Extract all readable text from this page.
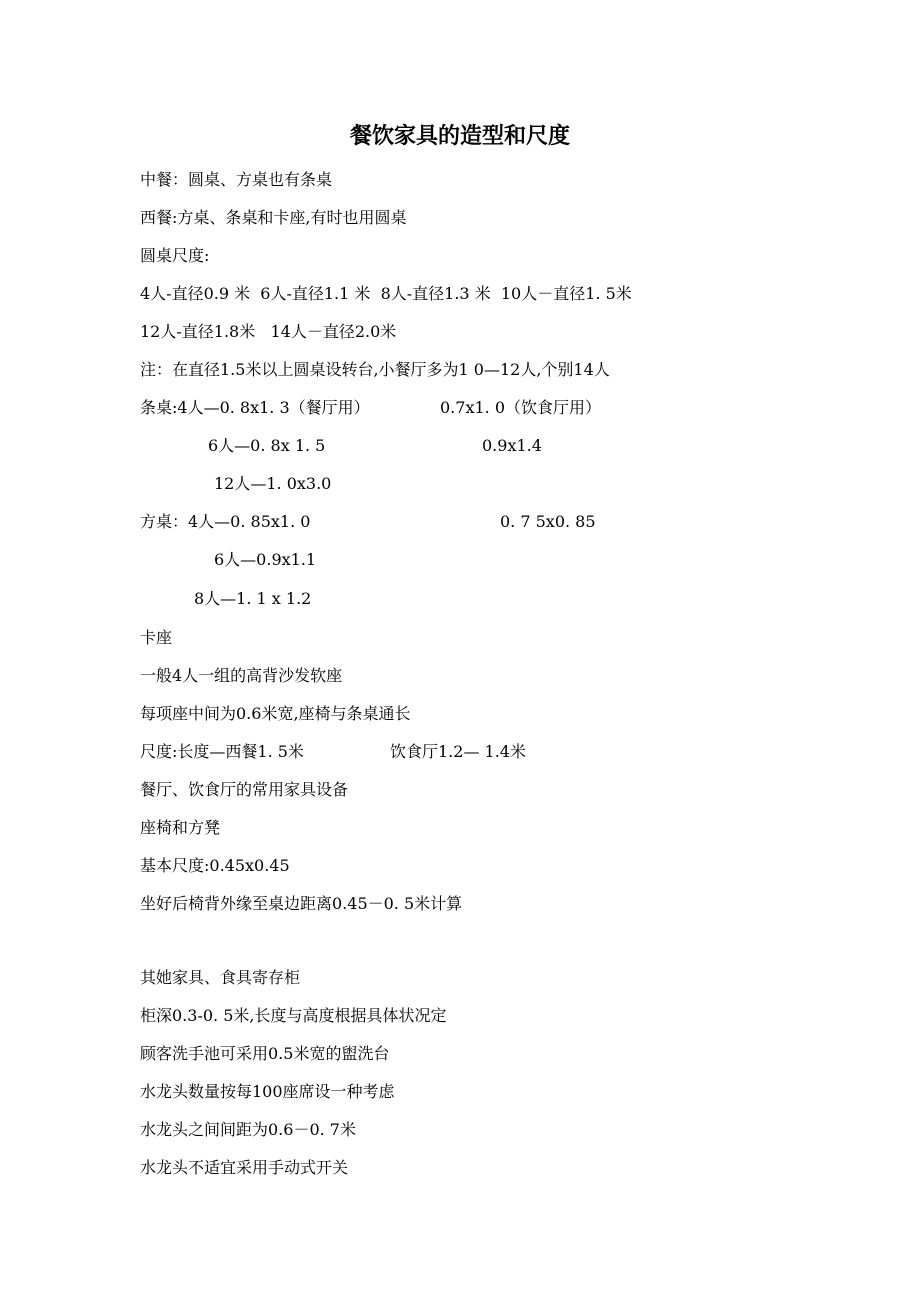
餐饮家具的造型和尺度
中餐：圆桌、方桌也有条桌
西餐:方桌、条桌和卡座,有时也用圆桌
圆桌尺度:
4人-直径0.9 米  6人-直径1.1 米  8人-直径1.3 米  10人－直径1. 5米
12人-直径1.8米   14人－直径2.0米
注：在直径1.5米以上圆桌设转台,小餐厅多为1 0—12人,个别14人
条桌:4人—0. 8x1. 3（餐厅用）	0.7x1. 0（饮食厅用）
6人—0. 8x 1. 5	0.9x1.4
12人—1. 0x3.0
方桌：4人—0. 85x1. 0	0. 7 5x0. 85
6人—0.9x1.1
8人—1. 1 x 1.2
卡座
一般4人一组的高背沙发软座
每项座中间为0.6米宽,座椅与条桌通长
尺度:长度—西餐1. 5米	饮食厅1.2— 1.4米
餐厅、饮食厅的常用家具设备
座椅和方凳
基本尺度:0.45x0.45
坐好后椅背外缘至桌边距离0.45－0. 5米计算
其她家具、食具寄存柜
柜深0.3-0. 5米,长度与高度根据具体状况定
顾客洗手池可采用0.5米宽的盥洗台
水龙头数量按每100座席设一种考虑
水龙头之间间距为0.6－0. 7米
水龙头不适宜采用手动式开关
